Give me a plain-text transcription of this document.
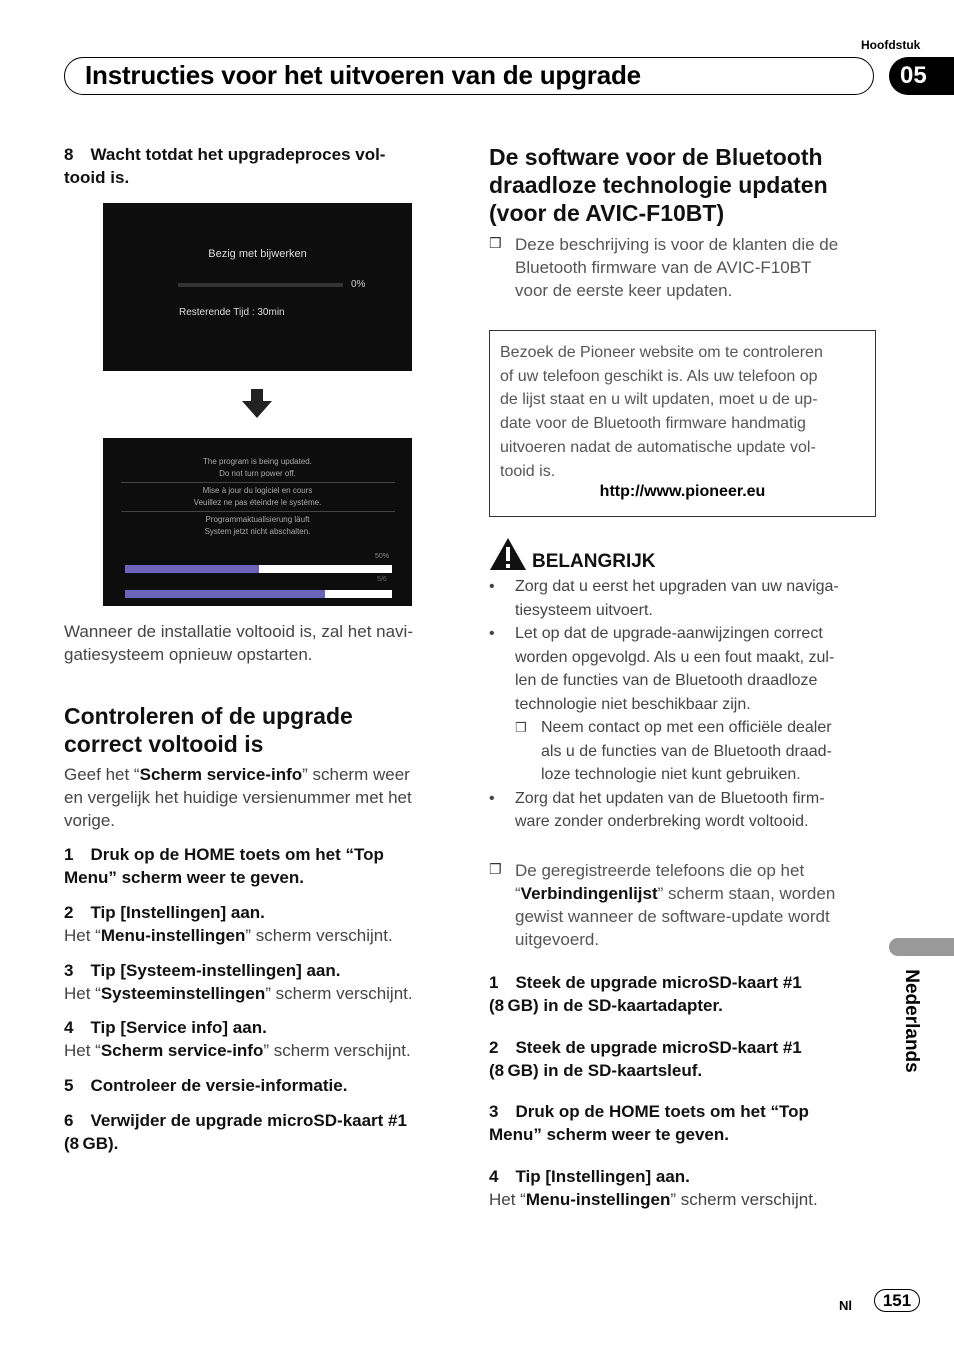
Hoofdstuk
Instructies voor het uitvoeren van de upgrade	05
8  Wacht totdat het upgradeproces vol-
tooid is.
Bezig met bijwerken
0%
Resterende Tijd : 30min
The program is being updated.
Do not turn power off.
Mise à jour du logiciel en cours
Veuillez ne pas éteindre le système.
Programmaktualisierung läuft
System jetzt nicht abschalten.
50%
5/6
Wanneer de installatie voltooid is, zal het navi-
gatiesysteem opnieuw opstarten.
Controleren of de upgrade
correct voltooid is
Geef het “Scherm service-info” scherm weer
en vergelijk het huidige versienummer met het
vorige.
1 Druk op de HOME toets om het “Top
Menu” scherm weer te geven.
2 Tip [Instellingen] aan.
Het “Menu-instellingen” scherm verschijnt.
3 Tip [Systeem-instellingen] aan.
Het “Systeeminstellingen” scherm verschijnt.
4 Tip [Service info] aan.
Het “Scherm service-info” scherm verschijnt.
5 Controleer de versie-informatie.
6 Verwijder de upgrade microSD-kaart #1
(8 GB).
De software voor de Bluetooth
draadloze technologie updaten
(voor de AVIC-F10BT)
❒ Deze beschrijving is voor de klanten die de
Bluetooth firmware van de AVIC-F10BT
voor de eerste keer updaten.
Bezoek de Pioneer website om te controleren
of uw telefoon geschikt is. Als uw telefoon op
de lijst staat en u wilt updaten, moet u de up-
date voor de Bluetooth firmware handmatig
uitvoeren nadat de automatische update vol-
tooid is.
http://www.pioneer.eu
BELANGRIJK
• Zorg dat u eerst het upgraden van uw naviga-
tiesysteem uitvoert.
• Let op dat de upgrade-aanwijzingen correct
worden opgevolgd. Als u een fout maakt, zul-
len de functies van de Bluetooth draadloze
technologie niet beschikbaar zijn.
❒ Neem contact op met een officiële dealer
als u de functies van de Bluetooth draad-
loze technologie niet kunt gebruiken.
• Zorg dat het updaten van de Bluetooth firm-
ware zonder onderbreking wordt voltooid.
❒ De geregistreerde telefoons die op het
“Verbindingenlijst” scherm staan, worden
gewist wanneer de software-update wordt
uitgevoerd.
1 Steek de upgrade microSD-kaart #1
(8 GB) in de SD-kaartadapter.
2 Steek de upgrade microSD-kaart #1
(8 GB) in de SD-kaartsleuf.
3 Druk op de HOME toets om het “Top
Menu” scherm weer te geven.
4 Tip [Instellingen] aan.
Het “Menu-instellingen” scherm verschijnt.
Nederlands
Nl	151
